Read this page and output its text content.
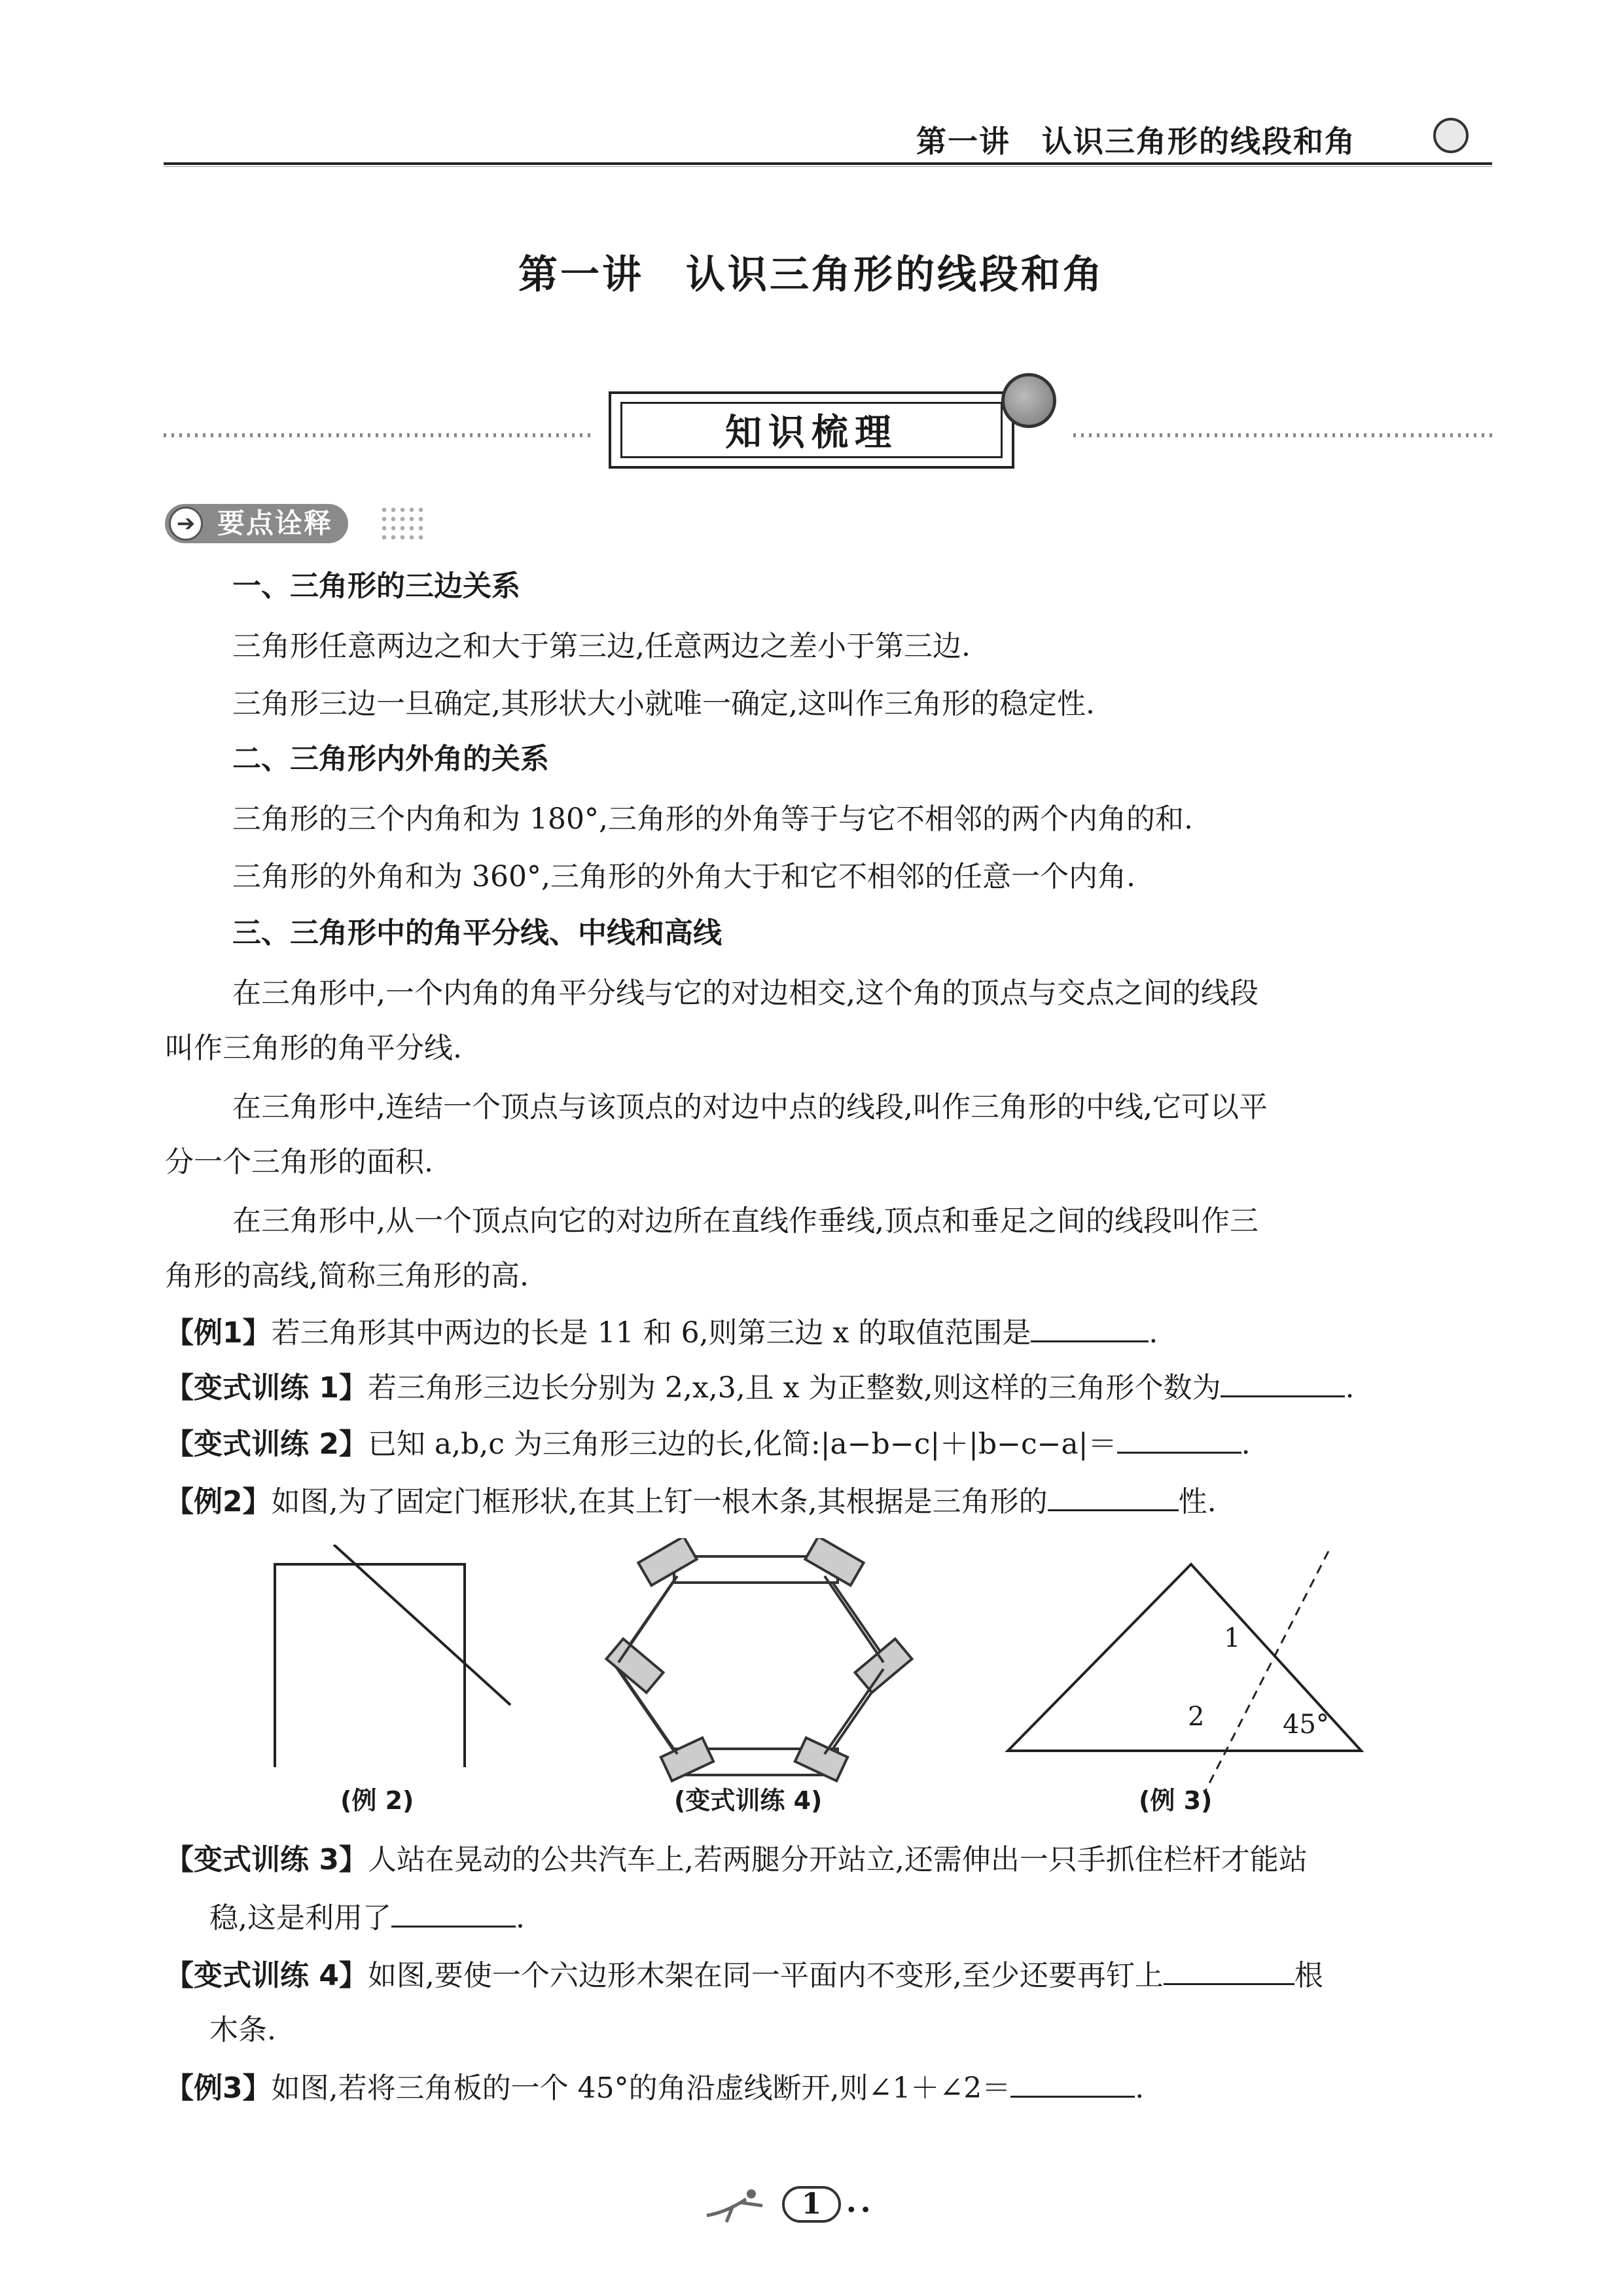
第一讲　认识三角形的线段和角
第一讲　认识三角形的线段和角
知识梳理
要点诠释
➔
一、三角形的三边关系
三角形任意两边之和大于第三边,任意两边之差小于第三边.
三角形三边一旦确定,其形状大小就唯一确定,这叫作三角形的稳定性.
二、三角形内外角的关系
三角形的三个内角和为 180°,三角形的外角等于与它不相邻的两个内角的和.
三角形的外角和为 360°,三角形的外角大于和它不相邻的任意一个内角.
三、三角形中的角平分线、中线和高线
在三角形中,一个内角的角平分线与它的对边相交,这个角的顶点与交点之间的线段
叫作三角形的角平分线.
在三角形中,连结一个顶点与该顶点的对边中点的线段,叫作三角形的中线,它可以平
分一个三角形的面积.
在三角形中,从一个顶点向它的对边所在直线作垂线,顶点和垂足之间的线段叫作三
角形的高线,简称三角形的高.
【例1】若三角形其中两边的长是 11 和 6,则第三边 x 的取值范围是	.
【变式训练 1】若三角形三边长分别为 2,x,3,且 x 为正整数,则这样的三角形个数为	.
【变式训练 2】已知 a,b,c 为三角形三边的长,化简:|a−b−c|＋|b−c−a|＝	.
【例2】如图,为了固定门框形状,在其上钉一根木条,其根据是三角形的	性.
(例 2)	(变式训练 4)
1
2	45°
(例 3)
【变式训练 3】人站在晃动的公共汽车上,若两腿分开站立,还需伸出一只手抓住栏杆才能站
稳,这是利用了	.
【变式训练 4】如图,要使一个六边形木架在同一平面内不变形,至少还要再钉上	根
木条.
【例3】如图,若将三角板的一个 45°的角沿虚线断开,则∠1＋∠2＝	.
1	••
